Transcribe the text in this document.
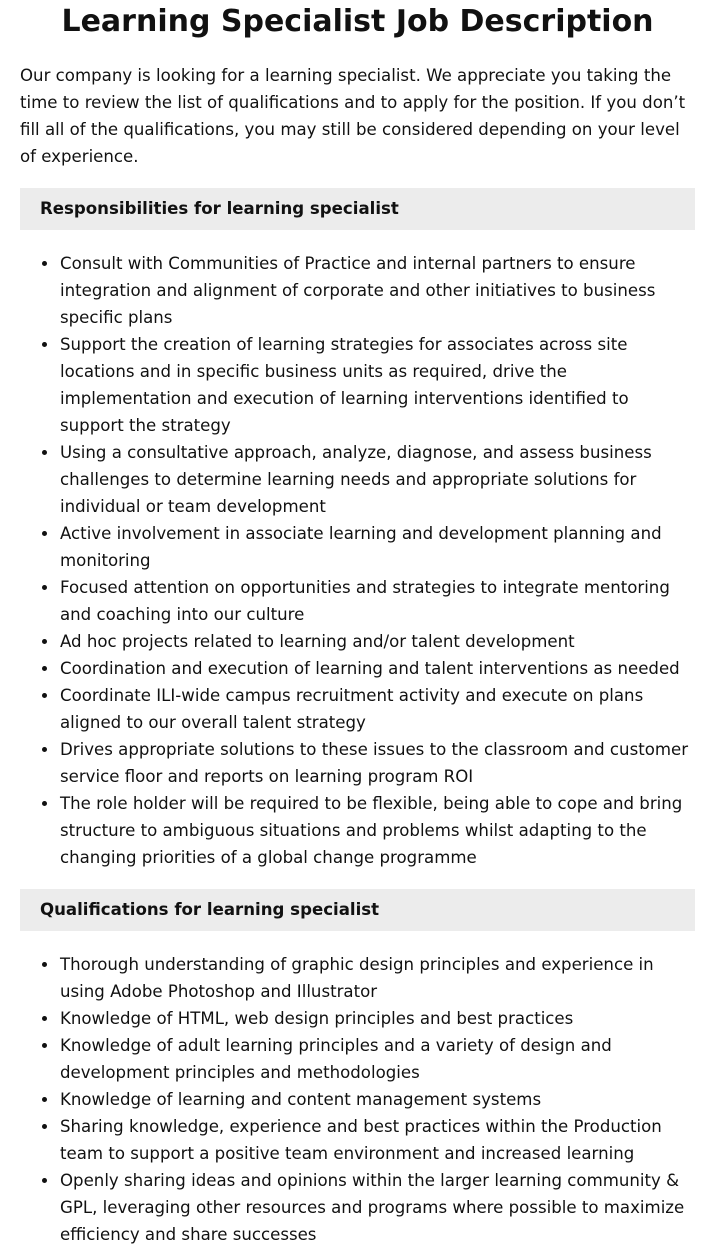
Learning Specialist Job Description

Our company is looking for a learning specialist. We appreciate you taking the time to review the list of qualifications and to apply for the position. If you don’t fill all of the qualifications, you may still be considered depending on your level of experience.

Responsibilities for learning specialist
Consult with Communities of Practice and internal partners to ensure integration and alignment of corporate and other initiatives to business specific plans
Support the creation of learning strategies for associates across site locations and in specific business units as required, drive the implementation and execution of learning interventions identified to support the strategy
Using a consultative approach, analyze, diagnose, and assess business challenges to determine learning needs and appropriate solutions for individual or team development
Active involvement in associate learning and development planning and monitoring
Focused attention on opportunities and strategies to integrate mentoring and coaching into our culture
Ad hoc projects related to learning and/or talent development
Coordination and execution of learning and talent interventions as needed
Coordinate ILI-wide campus recruitment activity and execute on plans aligned to our overall talent strategy
Drives appropriate solutions to these issues to the classroom and customer service floor and reports on learning program ROI
The role holder will be required to be flexible, being able to cope and bring structure to ambiguous situations and problems whilst adapting to the changing priorities of a global change programme
Qualifications for learning specialist
Thorough understanding of graphic design principles and experience in using Adobe Photoshop and Illustrator
Knowledge of HTML, web design principles and best practices
Knowledge of adult learning principles and a variety of design and development principles and methodologies
Knowledge of learning and content management systems
Sharing knowledge, experience and best practices within the Production team to support a positive team environment and increased learning
Openly sharing ideas and opinions within the larger learning community & GPL, leveraging other resources and programs where possible to maximize efficiency and share successes
